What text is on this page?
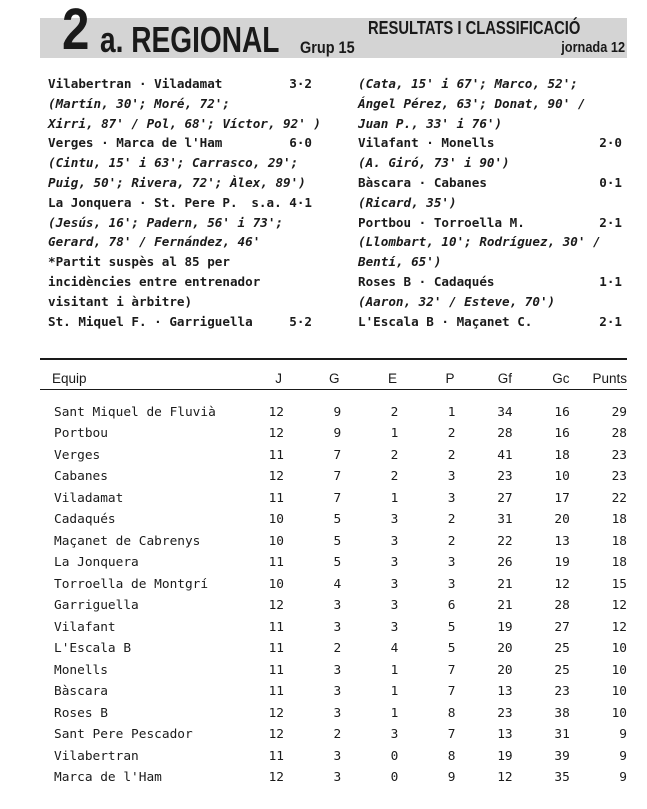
2 a. REGIONAL Grup 15
RESULTATS I CLASSIFICACIÓ
jornada 12
Vilabertran · Viladamat	3·2
(Martín, 30'; Moré, 72';
Xirri, 87' / Pol, 68'; Víctor, 92' )
Verges · Marca de l'Ham	6·0
(Cintu, 15' i 63'; Carrasco, 29';
Puig, 50'; Rivera, 72'; Àlex, 89')
La Jonquera · St. Pere P. s.a. 4·1
(Jesús, 16'; Padern, 56' i 73';
Gerard, 78' / Fernández, 46'
*Partit suspès al 85 per
incidències entre entrenador
visitant i àrbitre)
St. Miquel F. · Garriguella	5·2
(Cata, 15' i 67'; Marco, 52';
Ángel Pérez, 63'; Donat, 90' /
Juan P., 33' i 76')
Vilafant · Monells	2·0
(A. Giró, 73' i 90')
Bàscara · Cabanes	0·1
(Ricard, 35')
Portbou · Torroella M.	2·1
(Llombart, 10'; Rodríguez, 30' /
Bentí, 65')
Roses B · Cadaqués	1·1
(Aaron, 32' / Esteve, 70')
L'Escala B · Maçanet C.	2·1
Equip	J	G	E	P	Gf	Gc	Punts
Sant Miquel de Fluvià	12	9	2	1	34	16	29
Portbou	12	9	1	2	28	16	28
Verges	11	7	2	2	41	18	23
Cabanes	12	7	2	3	23	10	23
Viladamat	11	7	1	3	27	17	22
Cadaqués	10	5	3	2	31	20	18
Maçanet de Cabrenys	10	5	3	2	22	13	18
La Jonquera	11	5	3	3	26	19	18
Torroella de Montgrí	10	4	3	3	21	12	15
Garriguella	12	3	3	6	21	28	12
Vilafant	11	3	3	5	19	27	12
L'Escala B	11	2	4	5	20	25	10
Monells	11	3	1	7	20	25	10
Bàscara	11	3	1	7	13	23	10
Roses B	12	3	1	8	23	38	10
Sant Pere Pescador	12	2	3	7	13	31	9
Vilabertran	11	3	0	8	19	39	9
Marca de l'Ham	12	3	0	9	12	35	9
